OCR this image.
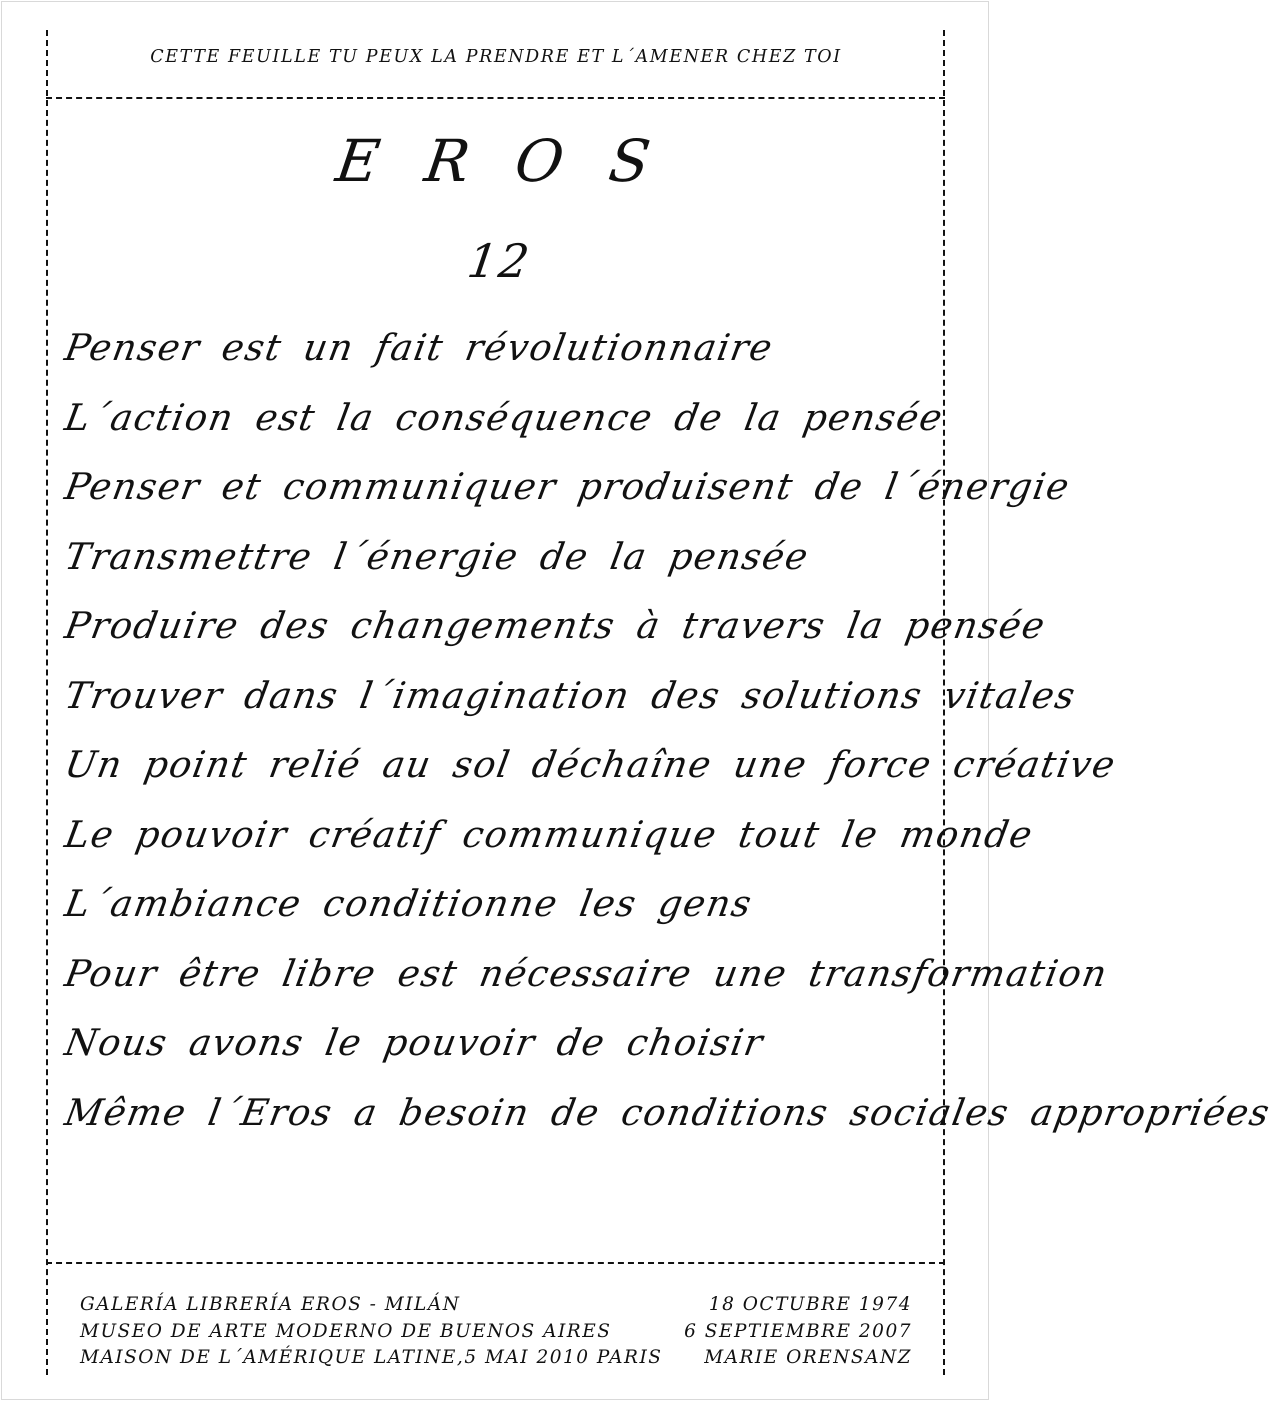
CETTE FEUILLE TU PEUX LA PRENDRE ET L´AMENER CHEZ TOI
E R O S
12
Penser est un fait révolutionnaire
L´action est la conséquence de la pensée
Penser et communiquer produisent de l´énergie
Transmettre l´énergie de la pensée
Produire des changements à travers la pensée
Trouver dans l´imagination des solutions vitales
Un point relié au sol déchaîne une force créative
Le pouvoir créatif communique tout le monde
L´ambiance conditionne les gens
Pour être libre est nécessaire une transformation
Nous avons le pouvoir de choisir
Même l´Eros a besoin de conditions sociales appropriées
GALERÍA LIBRERÍA EROS - MILÁN
MUSEO DE ARTE MODERNO DE BUENOS AIRES
MAISON DE L´AMÉRIQUE LATINE,5 MAI 2010 PARIS
18 OCTUBRE 1974
6 SEPTIEMBRE 2007
MARIE ORENSANZ
